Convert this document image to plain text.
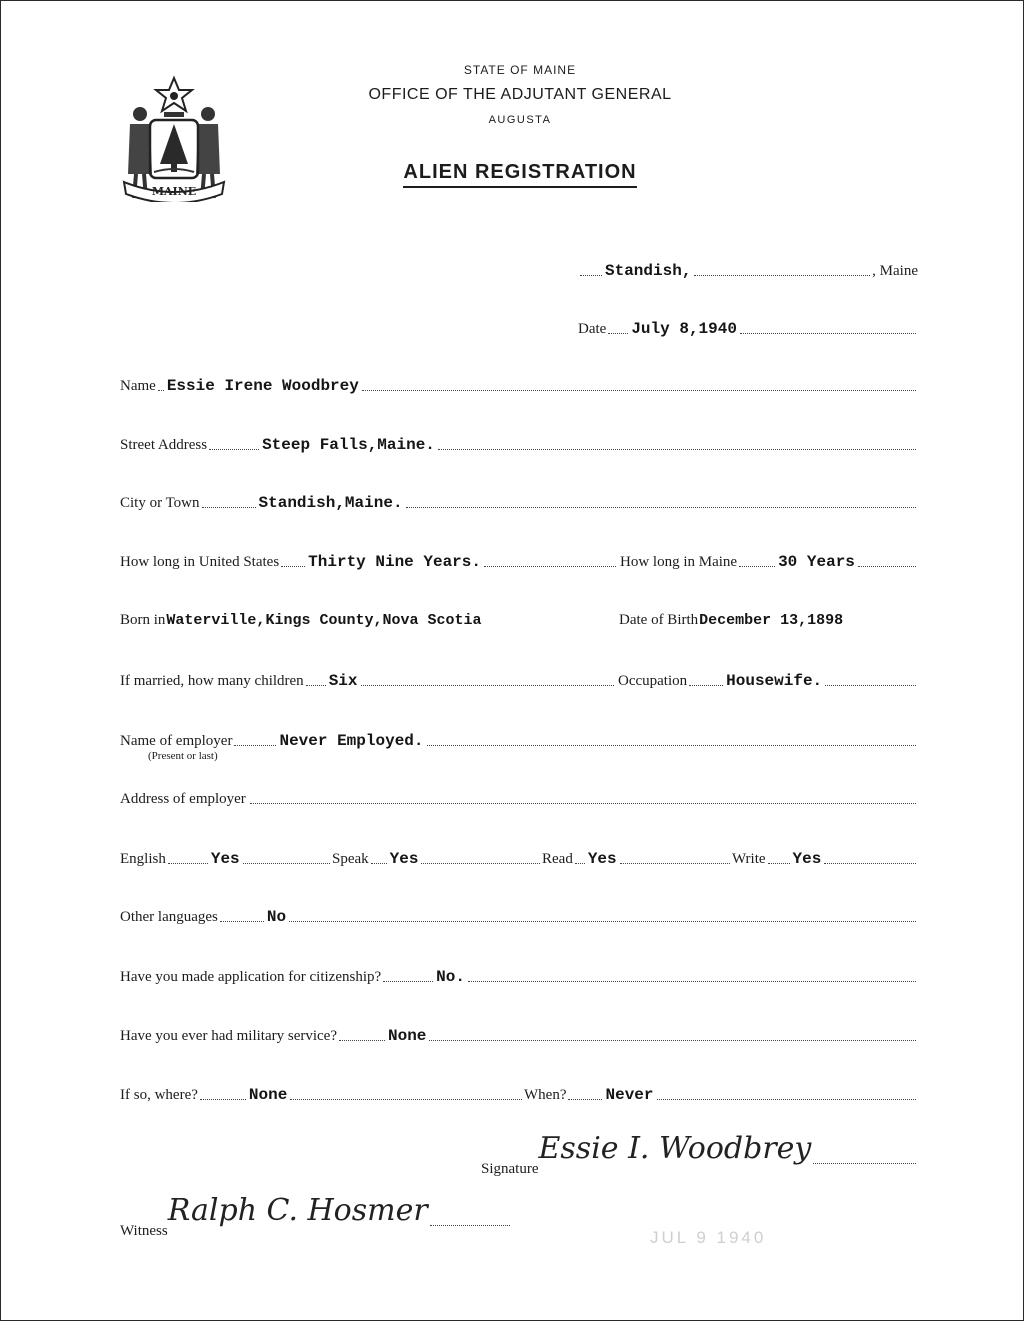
MAINE
STATE OF MAINE
OFFICE OF THE ADJUTANT GENERAL
AUGUSTA
ALIEN REGISTRATION
Standish,	, Maine
Date July 8,1940
Name Essie Irene Woodbrey
Street Address	Steep Falls,Maine.
City or Town	Standish,Maine.
How long in United States Thirty Nine Years.	How long in Maine	30 Years
Born in Waterville,Kings County,Nova Scotia	Date of Birth December 13,1898
If married, how many children Six	Occupation Housewife.
Name of employer	Never Employed.
(Present or last)
Address of employer
English	Yes	Speak Yes	Read Yes	Write Yes
Other languages	No
Have you made application for citizenship?	No.
Have you ever had military service?	None
If so, where?	None	When? Never
Signature
Essie I. Woodbrey
Witness
Ralph C. Hosmer
JUL 9 1940
